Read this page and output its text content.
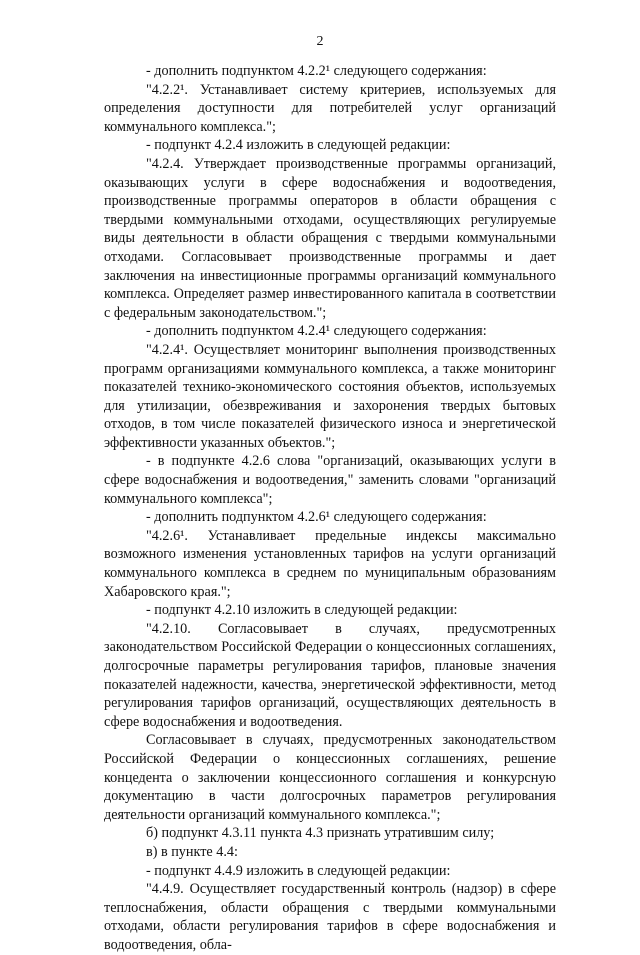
2

- дополнить подпунктом 4.2.2¹ следующего содержания:

"4.2.2¹. Устанавливает систему критериев, используемых для определения доступности для потребителей услуг организаций коммунального комплекса.";

- подпункт 4.2.4 изложить в следующей редакции:

"4.2.4. Утверждает производственные программы организаций, оказывающих услуги в сфере водоснабжения и водоотведения, производственные программы операторов в области обращения с твердыми коммунальными отходами, осуществляющих регулируемые виды деятельности в области обращения с твердыми коммунальными отходами. Согласовывает производственные программы и дает заключения на инвестиционные программы организаций коммунального комплекса. Определяет размер инвестированного капитала в соответствии с федеральным законодательством.";

- дополнить подпунктом 4.2.4¹ следующего содержания:

"4.2.4¹. Осуществляет мониторинг выполнения производственных программ организациями коммунального комплекса, а также мониторинг показателей технико-экономического состояния объектов, используемых для утилизации, обезвреживания и захоронения твердых бытовых отходов, в том числе показателей физического износа и энергетической эффективности указанных объектов.";

- в подпункте 4.2.6 слова "организаций, оказывающих услуги в сфере водоснабжения и водоотведения," заменить словами "организаций коммунального комплекса";

- дополнить подпунктом 4.2.6¹ следующего содержания:

"4.2.6¹. Устанавливает предельные индексы максимально возможного изменения установленных тарифов на услуги организаций коммунального комплекса в среднем по муниципальным образованиям Хабаровского края.";

- подпункт 4.2.10 изложить в следующей редакции:

"4.2.10. Согласовывает в случаях, предусмотренных законодательством Российской Федерации о концессионных соглашениях, долгосрочные параметры регулирования тарифов, плановые значения показателей надежности, качества, энергетической эффективности, метод регулирования тарифов организаций, осуществляющих деятельность в сфере водоснабжения и водоотведения.

Согласовывает в случаях, предусмотренных законодательством Российской Федерации о концессионных соглашениях, решение концедента о заключении концессионного соглашения и конкурсную документацию в части долгосрочных параметров регулирования деятельности организаций коммунального комплекса.";

б) подпункт 4.3.11 пункта 4.3 признать утратившим силу;

в) в пункте 4.4:

- подпункт 4.4.9 изложить в следующей редакции:

"4.4.9. Осуществляет государственный контроль (надзор) в сфере теплоснабжения, области обращения с твердыми коммунальными отходами, области регулирования тарифов в сфере водоснабжения и водоотведения, обла-
